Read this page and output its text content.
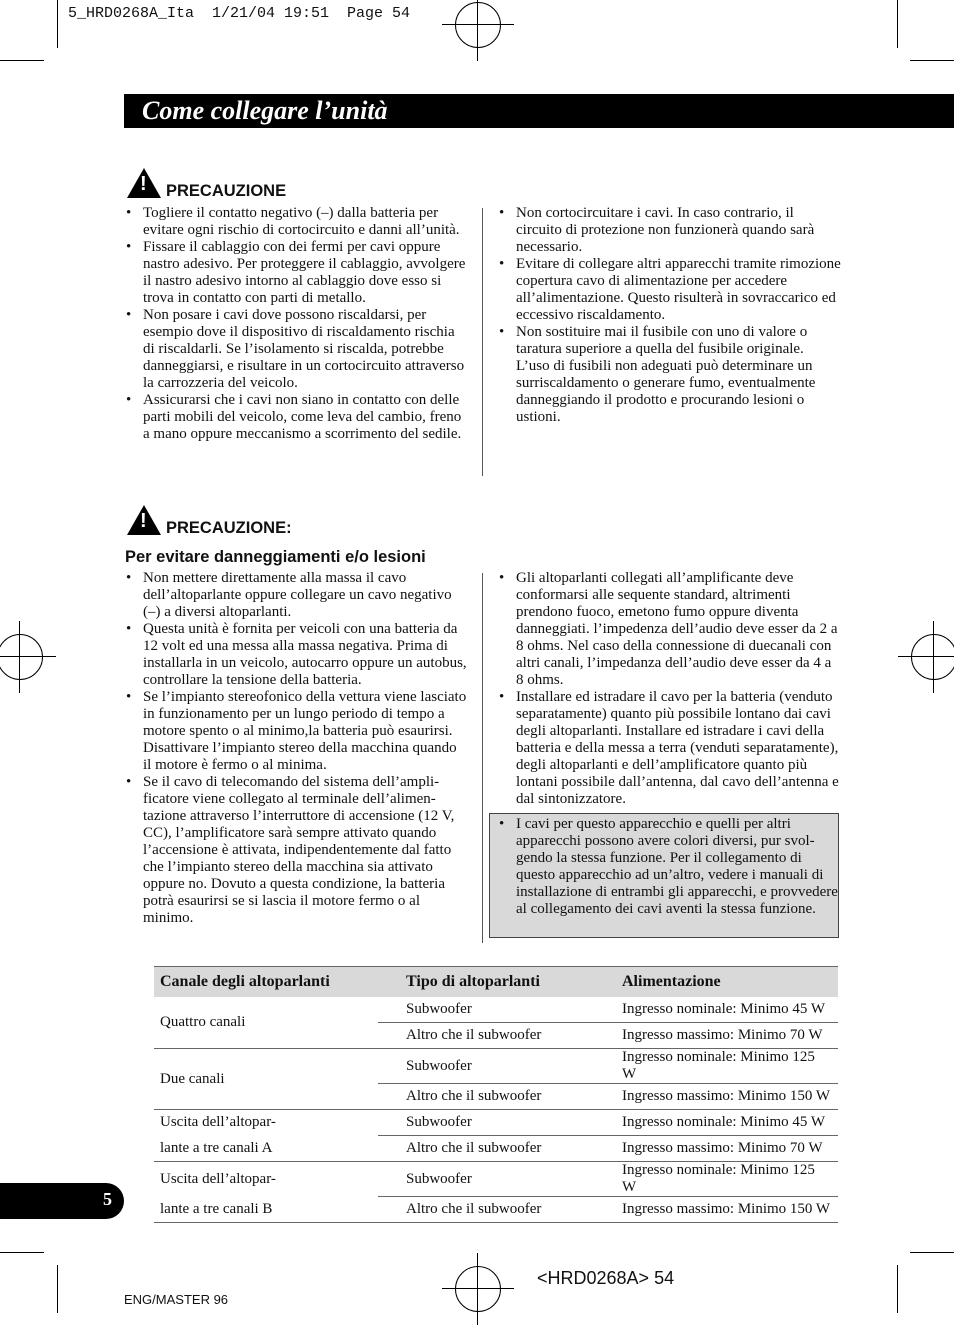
5_HRD0268A_Ita  1/21/04 19:51  Page 54
Come collegare l’unità
!
PRECAUZIONE
• Togliere il contatto negativo (–) dalla batteria per evitare ogni rischio di cortocircuito e danni all’unità.
• Fissare il cablaggio con dei fermi per cavi oppure nastro adesivo. Per proteggere il cablaggio, avvolgere il nastro adesivo intorno al cablaggio dove esso si trova in contatto con parti di metallo.
• Non posare i cavi dove possono riscaldarsi, per esempio dove il dispositivo di riscaldamento rischia di riscaldarli. Se l’isolamento si riscalda, potrebbe danneggiarsi, e risultare in un cortocircuito attraverso la carrozzeria del veicolo.
• Assicurarsi che i cavi non siano in contatto con delle parti mobili del veicolo, come leva del cambio, freno a mano oppure meccanismo a scorrimento del sedile.
• Non cortocircuitare i cavi. In caso contrario, il circuito di protezione non funzionerà quando sarà necessario.
• Evitare di collegare altri apparecchi tramite rimozione copertura cavo di alimentazione per accedere all’alimentazione. Questo risulterà in sovraccarico ed eccessivo riscaldamento.
• Non sostituire mai il fusibile con uno di valore o taratura superiore a quella del fusibile originale. L’uso di fusibili non adeguati può determinare un surriscaldamento o generare fumo, eventualmente danneggiando il prodotto e procurando lesioni o ustioni.
!
PRECAUZIONE:
Per evitare danneggiamenti e/o lesioni
• Non mettere direttamente alla massa il cavo dell’altoparlante oppure collegare un cavo negativo (–) a diversi altoparlanti.
• Questa unità è fornita per veicoli con una batteria da 12 volt ed una messa alla massa negativa. Prima di installarla in un veicolo, autocarro oppure un autobus, controllare la tensione della batteria.
• Se l’impianto stereofonico della vettura viene lasciato in funzionamento per un lungo periodo di tempo a motore spento o al minimo,la batteria può esaurirsi. Disattivare l’impianto stereo della macchina quando il motore è fermo o al minima.
• Se il cavo di telecomando del sistema dell’amplificatore viene collegato al terminale dell’alimentazione attraverso l’interruttore di accensione (12 V, CC), l’amplificatore sarà sempre attivato quando l’accensione è attivata, indipendentemente dal fatto che l’impianto stereo della macchina sia attivato oppure no. Dovuto a questa condizione, la batteria potrà esaurirsi se si lascia il motore fermo o al minimo.
• Gli altoparlanti collegati all’amplificante deve conformarsi alle sequente standard, altrimenti prendono fuoco, emetono fumo oppure diventa danneggiati. l’impedenza dell’audio deve esser da 2 a 8 ohms. Nel caso della connessione di duecanali con altri canali, l’impedanza dell’audio deve esser da 4 a 8 ohms.
• Installare ed istradare il cavo per la batteria (venduto separatamente) quanto più possibile lontano dai cavi degli altoparlanti. Installare ed istradare i cavi della batteria e della messa a terra (venduti separatamente), degli altoparlanti e dell’amplificatore quanto più lontani possibile dall’antenna, dal cavo dell’antenna e dal sintonizzatore.
• I cavi per questo apparecchio e quelli per altri apparecchi possono avere colori diversi, pur svolgendo la stessa funzione. Per il collegamento di questo apparecchio ad un’altro, vedere i manuali di installazione di entrambi gli apparecchi, e provvedere al collegamento dei cavi aventi la stessa funzione.
Canale degli altoparlanti	Tipo di altoparlanti	Alimentazione
Quattro canali	Subwoofer	Ingresso nominale: Minimo 45 W
	Altro che il subwoofer	Ingresso massimo: Minimo 70 W
Due canali	Subwoofer	Ingresso nominale: Minimo 125 W
	Altro che il subwoofer	Ingresso massimo: Minimo 150 W
Uscita dell’altopar-	Subwoofer	Ingresso nominale: Minimo 45 W
lante a tre canali A	Altro che il subwoofer	Ingresso massimo: Minimo 70 W
Uscita dell’altopar-	Subwoofer	Ingresso nominale: Minimo 125 W
lante a tre canali B	Altro che il subwoofer	Ingresso massimo: Minimo 150 W
5
ENG/MASTER 96
<HRD0268A> 54
